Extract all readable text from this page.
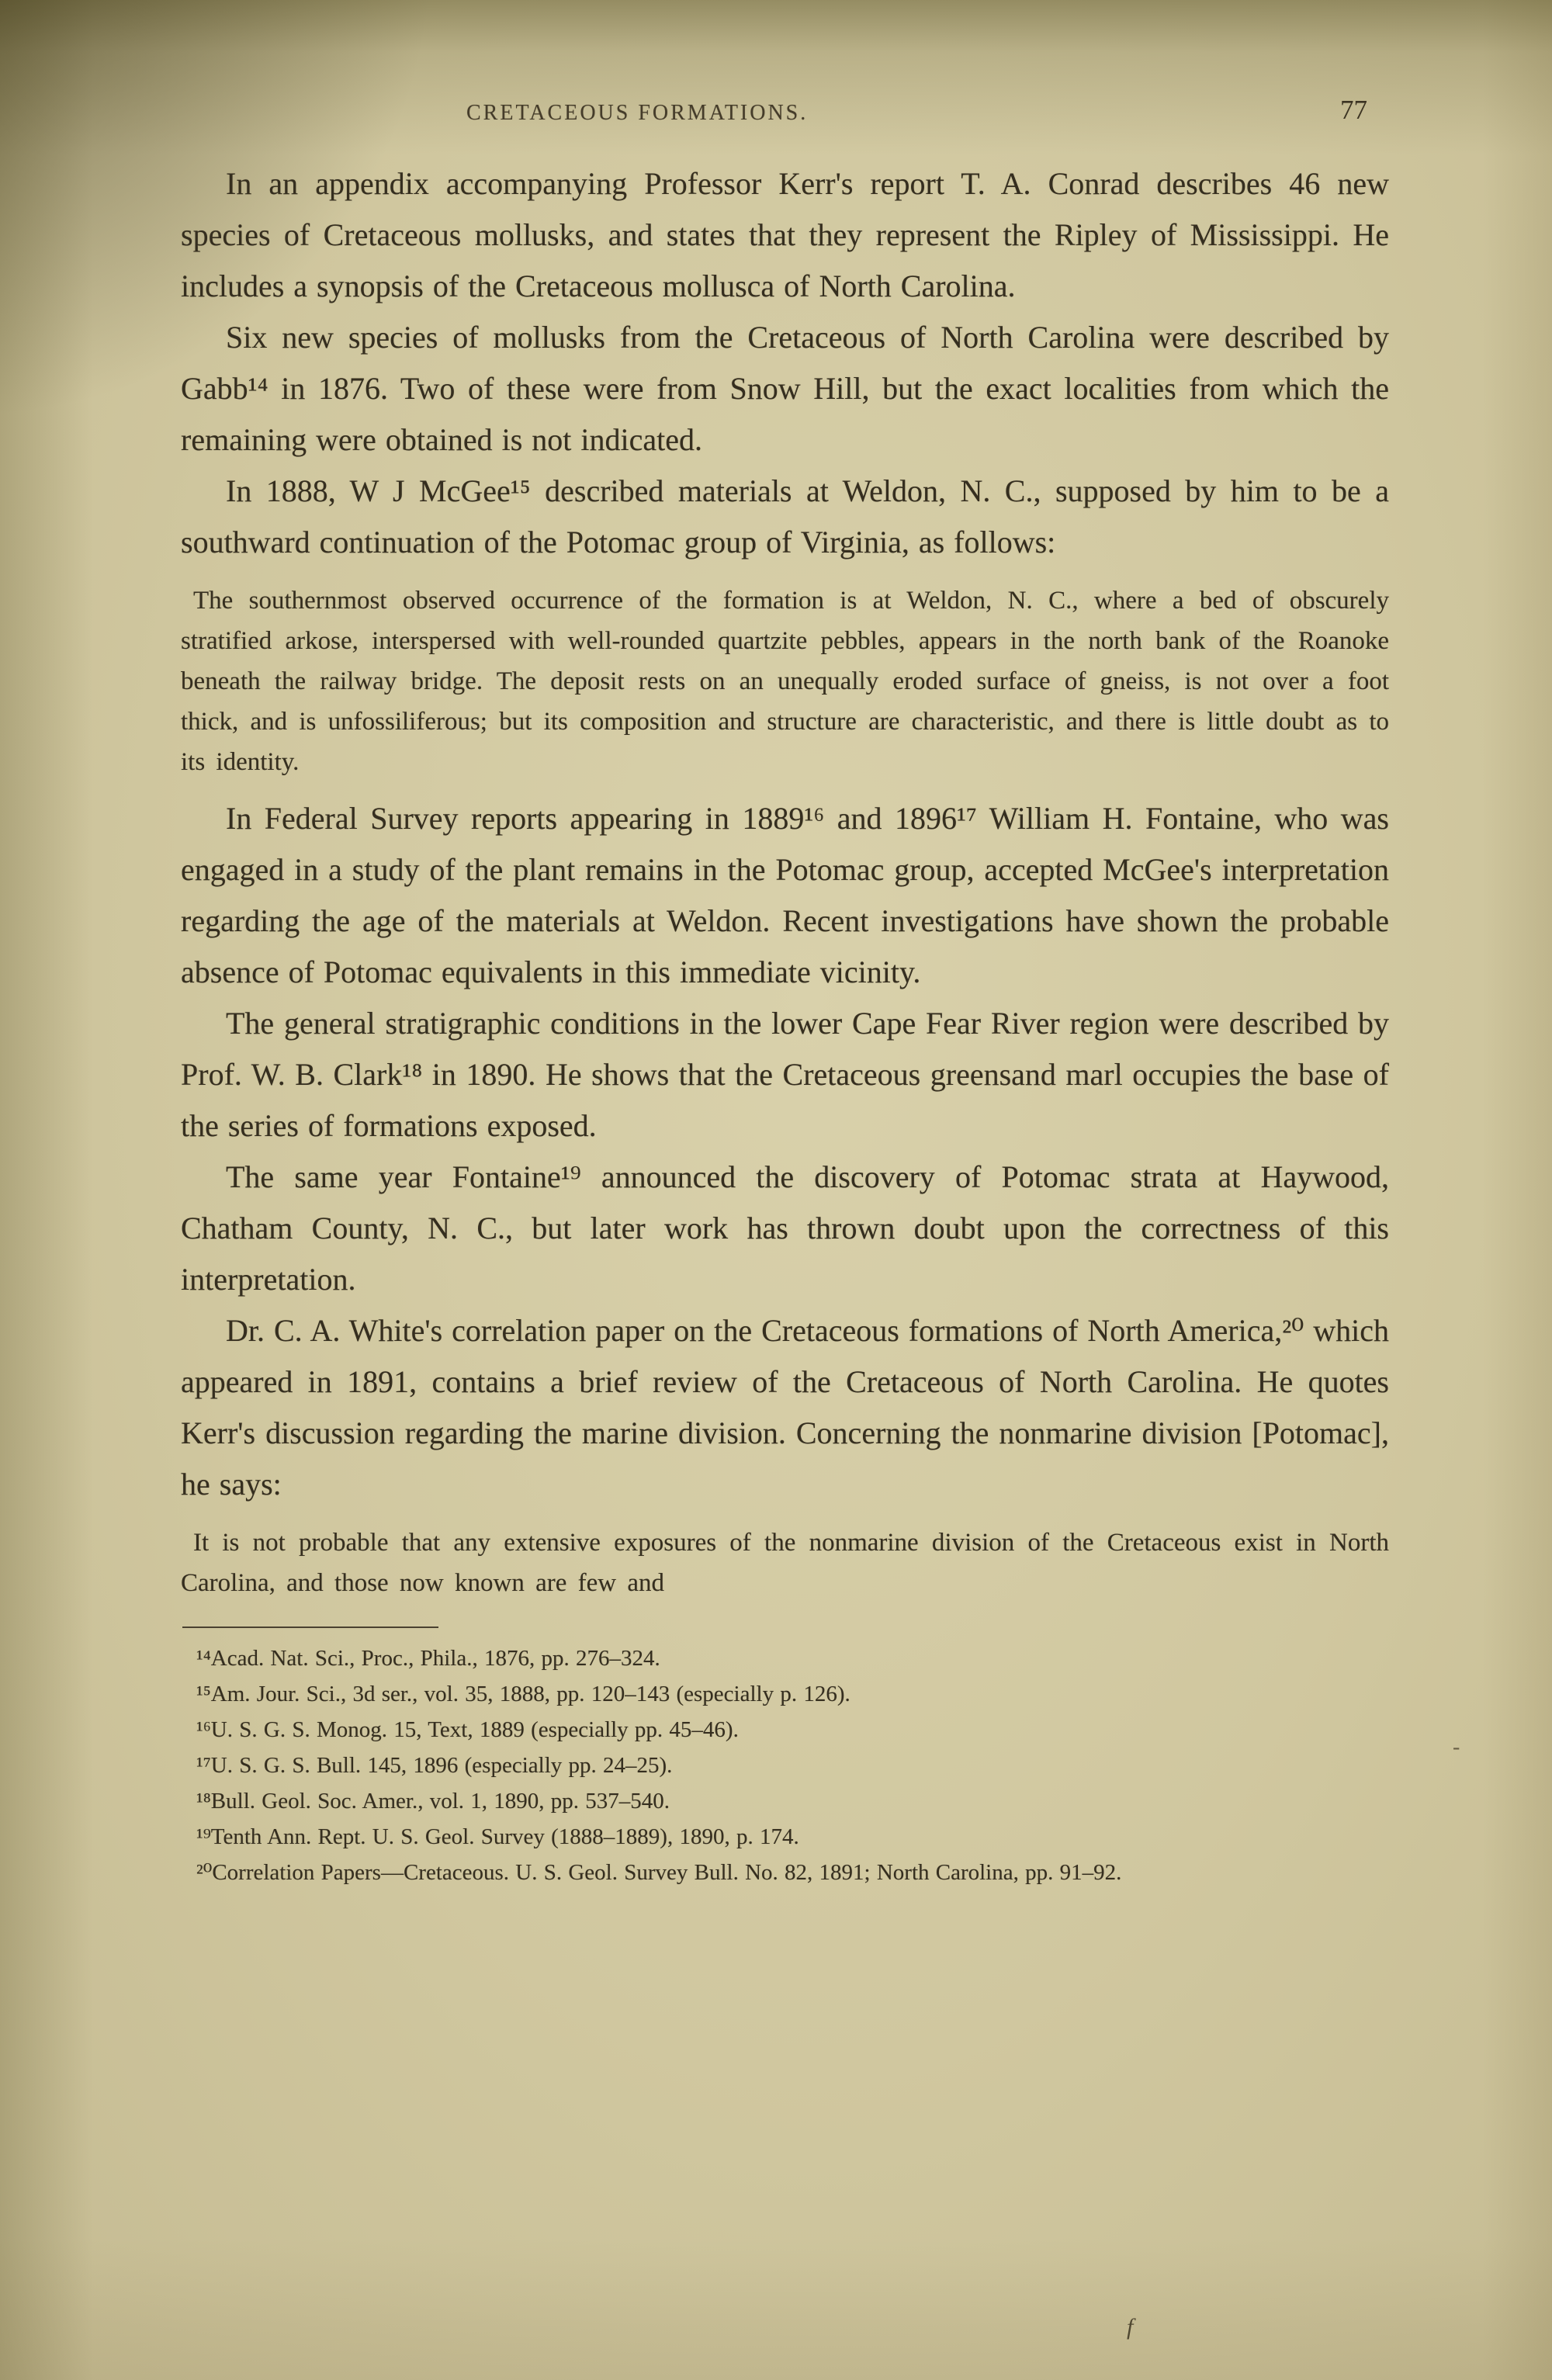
CRETACEOUS FORMATIONS.	77

In an appendix accompanying Professor Kerr's report T. A. Conrad describes 46 new species of Cretaceous mollusks, and states that they represent the Ripley of Mississippi. He includes a synopsis of the Cretaceous mollusca of North Carolina.

Six new species of mollusks from the Cretaceous of North Carolina were described by Gabb¹⁴ in 1876. Two of these were from Snow Hill, but the exact localities from which the remaining were obtained is not indicated.

In 1888, W J McGee¹⁵ described materials at Weldon, N. C., supposed by him to be a southward continuation of the Potomac group of Virginia, as follows:

The southernmost observed occurrence of the formation is at Weldon, N. C., where a bed of obscurely stratified arkose, interspersed with well-rounded quartzite pebbles, appears in the north bank of the Roanoke beneath the railway bridge. The deposit rests on an unequally eroded surface of gneiss, is not over a foot thick, and is unfossiliferous; but its composition and structure are characteristic, and there is little doubt as to its identity.

In Federal Survey reports appearing in 1889¹⁶ and 1896¹⁷ William H. Fontaine, who was engaged in a study of the plant remains in the Potomac group, accepted McGee's interpretation regarding the age of the materials at Weldon. Recent investigations have shown the probable absence of Potomac equivalents in this immediate vicinity.

The general stratigraphic conditions in the lower Cape Fear River region were described by Prof. W. B. Clark¹⁸ in 1890. He shows that the Cretaceous greensand marl occupies the base of the series of formations exposed.

The same year Fontaine¹⁹ announced the discovery of Potomac strata at Haywood, Chatham County, N. C., but later work has thrown doubt upon the correctness of this interpretation.

Dr. C. A. White's correlation paper on the Cretaceous formations of North America,²⁰ which appeared in 1891, contains a brief review of the Cretaceous of North Carolina. He quotes Kerr's discussion regarding the marine division. Concerning the nonmarine division [Potomac], he says:

It is not probable that any extensive exposures of the nonmarine division of the Cretaceous exist in North Carolina, and those now known are few and

¹⁴Acad. Nat. Sci., Proc., Phila., 1876, pp. 276–324.

¹⁵Am. Jour. Sci., 3d ser., vol. 35, 1888, pp. 120–143 (especially p. 126).

¹⁶U. S. G. S. Monog. 15, Text, 1889 (especially pp. 45–46).

¹⁷U. S. G. S. Bull. 145, 1896 (especially pp. 24–25).

¹⁸Bull. Geol. Soc. Amer., vol. 1, 1890, pp. 537–540.

¹⁹Tenth Ann. Rept. U. S. Geol. Survey (1888–1889), 1890, p. 174.

²⁰Correlation Papers—Cretaceous. U. S. Geol. Survey Bull. No. 82, 1891; North Carolina, pp. 91–92.

f
-
